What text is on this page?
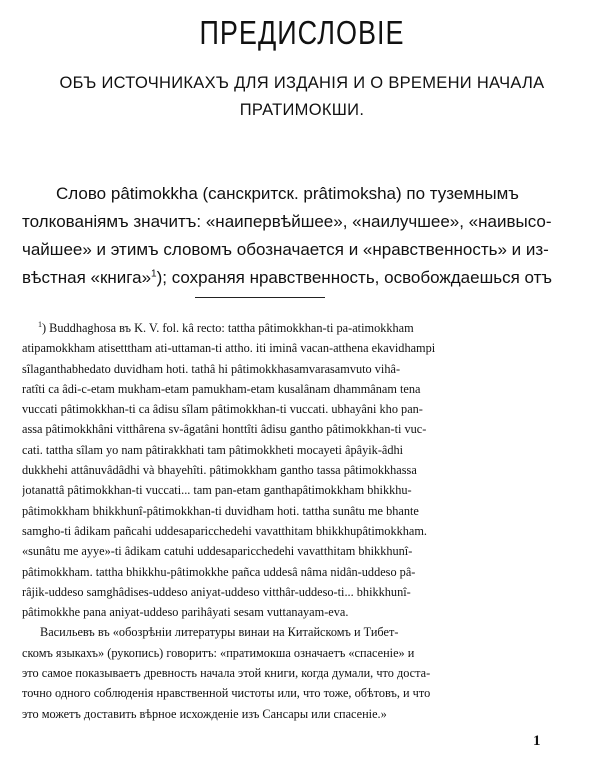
ПРЕДИСЛОВІЕ
ОБЪ ИСТОЧНИКАХЪ ДЛЯ ИЗДАНІЯ И О ВРЕМЕНИ НАЧАЛА
ПРАТИМОКШИ.
Слово pâtimokkha (санскритск. prâtimoksha) по туземнымъ
толкованіямъ значитъ: «наипервѣйшее», «наилучшее», «наивысо-
чайшее» и этимъ словомъ обозначается и «нравственность» и из-
вѣстная «книга»$^1$); сохраняя нравственность, освобождаешься отъ
$^1$) Buddhaghosa въ K. V. fol. kâ recto: tattha pâtimokkhan-ti pa-atimokkham
atipamokkham atisetttham ati-uttaman-ti attho. iti iminâ vacan-atthena ekavidhampi
sîlaganthabhedato duvidham hoti. tathâ hi pâtimokkhasamvarasamvuto vihâ-
ratîti ca âdi-c-etam mukham-etam pamukham-etam kusalânam dhammânam tena
vuccati pâtimokkhan-ti ca âdisu sîlam pâtimokkhan-ti vuccati. ubhayâni kho pan-
assa pâtimokkhâni vitthârena sv-âgatâni honttîti âdisu gantho pâtimokkhan-ti vuc-
cati. tattha sîlam yo nam pâtirakkhati tam pâtimokkheti mocayeti âpâyik-âdhi
dukkhehi attânuvâdâdhi và bhayehîti. pâtimokkham gantho tassa pâtimokkhassa
jotanattâ pâtimokkhan-ti vuccati... tam pan-etam ganthapâtimokkham bhikkhu-
pâtimokkham bhikkhunî-pâtimokkhan-ti duvidham hoti. tattha sunâtu me bhante
samgho-ti âdikam pañcahi uddesaparicchedehi vavatthitam bhikkhupâtimokkham.
«sunâtu me ayye»-ti âdikam catuhi uddesaparicchedehi vavatthitam bhikkhunî-
pâtimokkham. tattha bhikkhu-pâtimokkhe pañca uddesâ nâma nidân-uddeso pâ-
râjik-uddeso samghâdises-uddeso aniyat-uddeso vitthâr-uddeso-ti... bhikkhunî-
pâtimokkhe pana aniyat-uddeso parihâyati sesam vuttanayam-eva.
Васильевъ въ «обозрѣніи литературы винаи на Китайскомъ и Тибет-
скомъ языкахъ» (рукопись) говоритъ: «пратимокша означаетъ «спасеніе» и
это самое показываетъ древность начала этой книги, когда думали, что доста-
точно одного соблюденія нравственной чистоты или, что тоже, обѣтовъ, и что
это можетъ доставить вѣрное исхожденіе изъ Сансары или спасеніе.»
1
